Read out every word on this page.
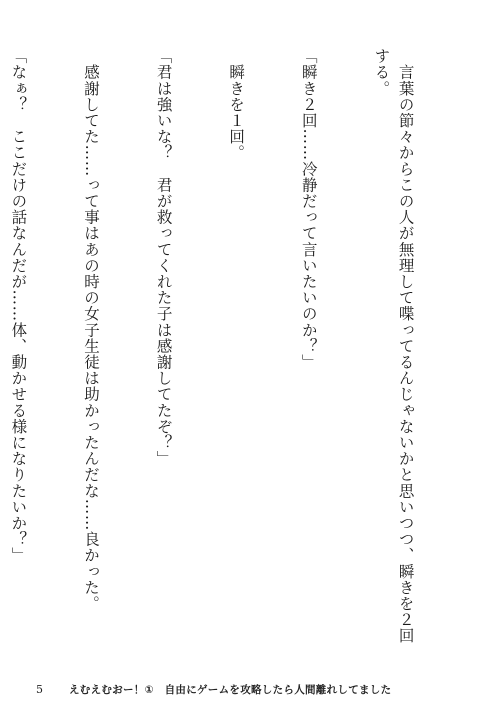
　言葉の節々からこの人が無理して喋ってるんじゃないかと思いつつ、瞬きを２回する。

「瞬き２回……冷静だって言いたいのか？」

　瞬きを１回。

「君は強いな？　君が救ってくれた子は感謝してたぞ？」

　感謝してた……って事はあの時の女子生徒は助かったんだな……良かった。

「なぁ？　ここだけの話なんだが……体、動かせる様になりたいか？」

5 えむえむおー！①　自由にゲームを攻略したら人間離れしてました
